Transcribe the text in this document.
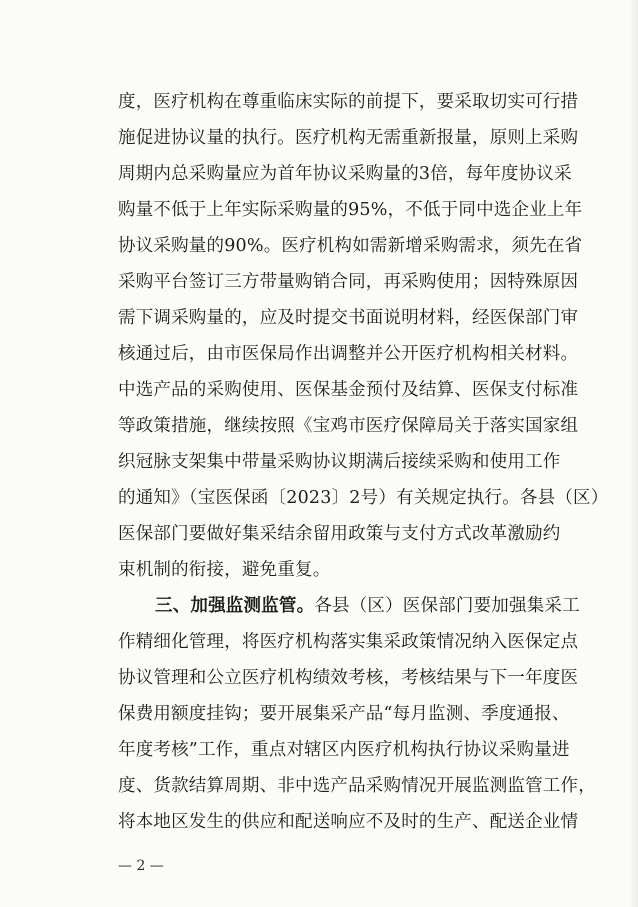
度，医疗机构在尊重临床实际的前提下，要采取切实可行措
施促进协议量的执行。医疗机构无需重新报量，原则上采购
周期内总采购量应为首年协议采购量的3倍，每年度协议采
购量不低于上年实际采购量的95%，不低于同中选企业上年
协议采购量的90%。医疗机构如需新增采购需求，须先在省
采购平台签订三方带量购销合同，再采购使用；因特殊原因
需下调采购量的，应及时提交书面说明材料，经医保部门审
核通过后，由市医保局作出调整并公开医疗机构相关材料。
中选产品的采购使用、医保基金预付及结算、医保支付标准
等政策措施，继续按照《宝鸡市医疗保障局关于落实国家组
织冠脉支架集中带量采购协议期满后接续采购和使用工作
的通知》（宝医保函〔2023〕2号）有关规定执行。各县（区）
医保部门要做好集采结余留用政策与支付方式改革激励约
束机制的衔接，避免重复。
三、加强监测监管。各县（区）医保部门要加强集采工
作精细化管理，将医疗机构落实集采政策情况纳入医保定点
协议管理和公立医疗机构绩效考核，考核结果与下一年度医
保费用额度挂钩；要开展集采产品“每月监测、季度通报、
年度考核”工作，重点对辖区内医疗机构执行协议采购量进
度、货款结算周期、非中选产品采购情况开展监测监管工作，
将本地区发生的供应和配送响应不及时的生产、配送企业情
— 2 —
